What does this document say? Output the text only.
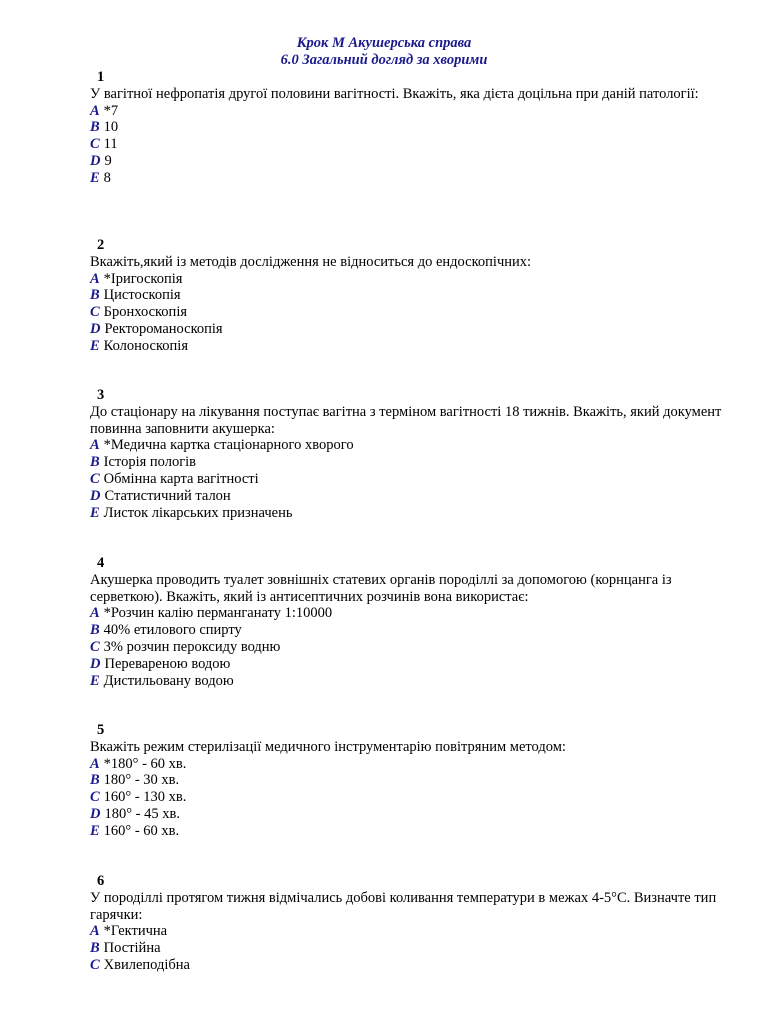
Крок М Акушерська справа
6.0 Загальний догляд за хворими
1
У вагітної нефропатія другої половини вагітності. Вкажіть, яка дієта доцільна при даній патології:
A *7
B 10
C 11
D 9
E 8
2
Вкажіть,який із методів дослідження не відноситься до ендоскопічних:
A *Іригоскопія
B Цистоскопія
C Бронхоскопія
D Ректороманоскопія
E Колоноскопія
3
До стаціонару на лікування поступає вагітна з терміном вагітності 18 тижнів. Вкажіть, який документ повинна заповнити акушерка:
A *Медична картка стаціонарного хворого
B Історія пологів
C Обмінна карта вагітності
D Статистичний талон
E Листок лікарських призначень
4
Акушерка проводить туалет зовнішніх статевих органів породіллі за допомогою (корнцанга із серветкою). Вкажіть, який із антисептичних розчинів вона використає:
A *Розчин калію перманганату 1:10000
B 40% етилового спирту
C 3% розчин пероксиду водню
D Перевареною водою
E Дистильовану водою
5
Вкажіть режим стерилізації медичного інструментарію повітряним методом:
A *180° - 60 хв.
B 180° - 30 хв.
C 160° - 130 хв.
D 180° - 45 хв.
E 160° - 60 хв.
6
У породіллі протягом тижня відмічались добові коливання температури в межах 4-5°C. Визначте тип гарячки:
A *Гектична
B Постійна
C Хвилеподібна
